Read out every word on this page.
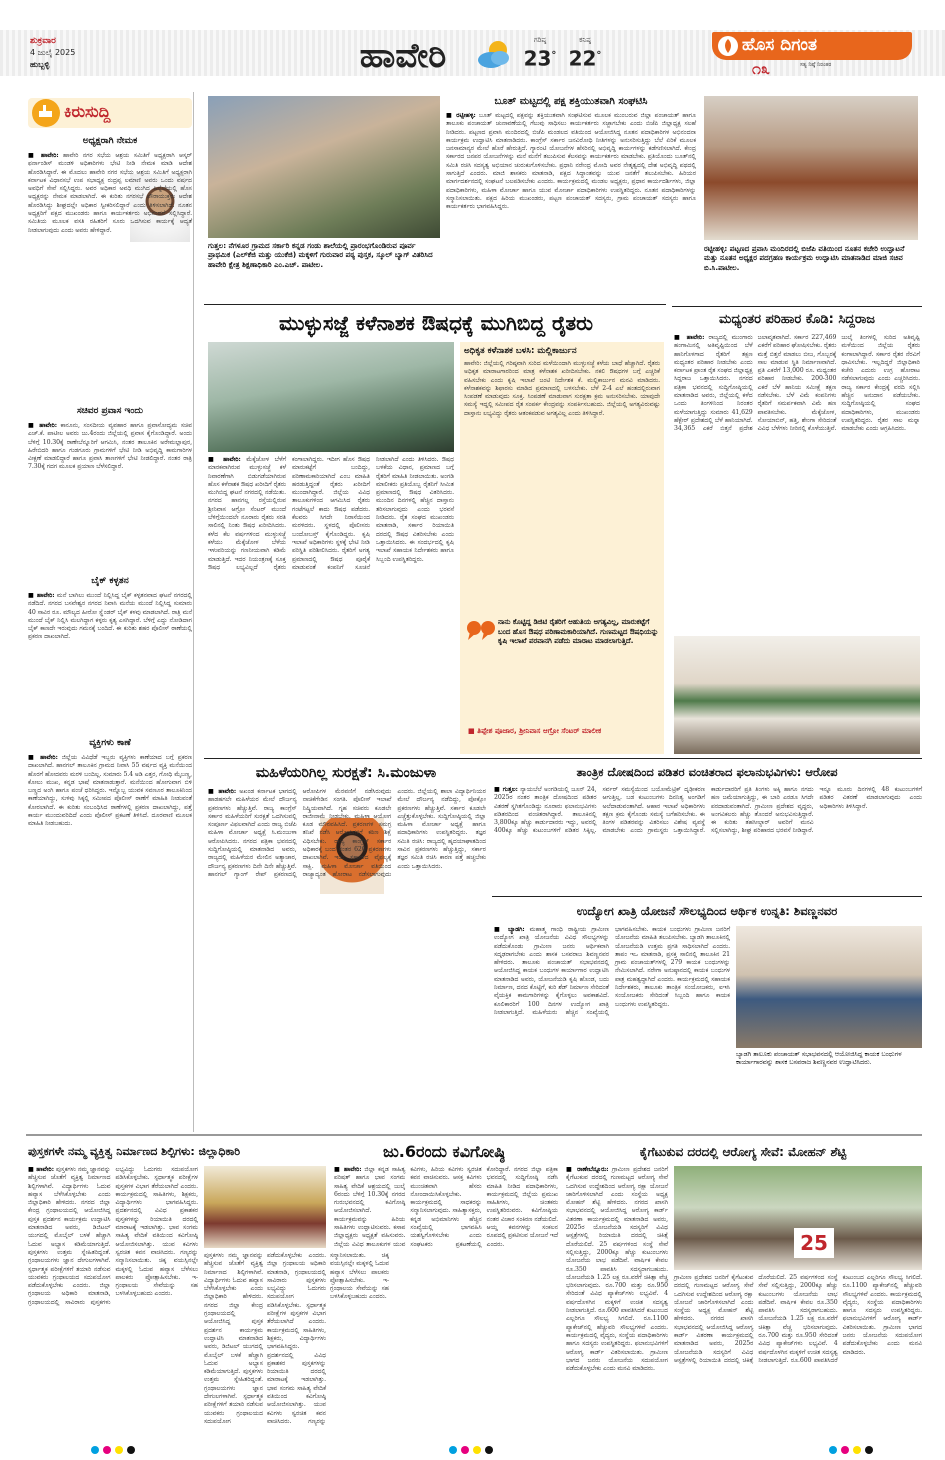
ಶುಕ್ರವಾರ
4 ಜುಲೈ 2025
ಹುಬ್ಬಳ್ಳಿ	ಹಾವೇರಿ	ಗರಿಷ್ಠ
23°
ಕನಿಷ್ಠ
22°
ಹೊಸ ದಿಗಂತ
ಸತ್ಯ ನಿಷ್ಠೆ ನಿರಂತರ
೧೩
ಕಿರುಸುದ್ದಿ
ಅಧ್ಯಕ್ಷರಾಗಿ ನೇಮಕ
■ ಹಾವೇರಿ: ಹಾವೇರಿ ನಗರ ಸಭೆಯ ಆಶ್ರಯ ಸಮಿತಿಗೆ ಅಧ್ಯಕ್ಷರಾಗಿ ಆಸ್ಕರ್ ಫರ್ನಾಂಡಿಸ್ ಮಂಡಳಿ ಅಧಿಕಾರಿಗಳು ಭೇಟಿ ನೀಡಿ ನೇಮಕ ಮಾಡಿ ಆದೇಶ ಹೊರಡಿಸಿದ್ದಾರೆ. ಈ ಮೊದಲು ಹಾವೇರಿ ನಗರ ಸಭೆಯ ಆಶ್ರಯ ಸಮಿತಿಗೆ ಅಧ್ಯಕ್ಷರಾಗಿ ಕರ್ನಾಟಕ ವಿಧಾನಸಭೆ ಉಪ ಸಭಾಧ್ಯಕ್ಷ ರುದ್ರಪ್ಪ ಲಮಾಣಿ ಅವರು ಒಂದು ವರ್ಷದ ಅವಧಿಗೆ ಸೇವೆ ಸಲ್ಲಿಸಿದ್ದರು. ಅವರ ಅಧಿಕಾರ ಅವಧಿ ಮುಗಿದ ಹಿನ್ನೆಲೆಯಲ್ಲಿ ಹೊಸ ಅಧ್ಯಕ್ಷರನ್ನು ನೇಮಕ ಮಾಡಲಾಗಿದೆ. ಈ ಕುರಿತು ನಗರಸಭೆ ಪೌರಾಯುಕ್ತರು ಆದೇಶ ಹೊರಡಿಸಿದ್ದು ಶೀಘ್ರದಲ್ಲೇ ಅಧಿಕಾರ ಸ್ವೀಕರಿಸಲಿದ್ದಾರೆ ಎಂದು ತಿಳಿಸಲಾಗಿದೆ. ನೂತನ ಅಧ್ಯಕ್ಷರಿಗೆ ಪಕ್ಷದ ಮುಖಂಡರು ಹಾಗೂ ಕಾರ್ಯಕರ್ತರು ಅಭಿನಂದನೆ ಸಲ್ಲಿಸಿದ್ದಾರೆ. ಸಮಿತಿಯ ಮೂಲಕ ವಸತಿ ರಹಿತರಿಗೆ ಸೂರು ಒದಗಿಸುವ ಕಾರ್ಯಕ್ಕೆ ಆದ್ಯತೆ ನೀಡಲಾಗುವುದು ಎಂದು ಅವರು ಹೇಳಿದ್ದಾರೆ.
ಸಚಿವರ ಪ್ರವಾಸ ಇಂದು
■ ಹಾವೇರಿ: ಕಾನೂನು, ಸಂಸದೀಯ ವ್ಯವಹಾರ ಹಾಗೂ ಪ್ರವಾಸೋದ್ಯಮ ಸಚಿವ ಎಚ್.ಕೆ. ಪಾಟೀಲ ಅವರು ಜು.4ರಂದು ಜಿಲ್ಲೆಯಲ್ಲಿ ಪ್ರವಾಸ ಕೈಗೊಂಡಿದ್ದಾರೆ. ಅಂದು ಬೆಳಿಗ್ಗೆ 10.30ಕ್ಕೆ ರಾಣೇಬೆನ್ನೂರಿಗೆ ಆಗಮಿಸಿ, ನಂತರ ತಾಲೂಕಿನ ಅರೇಮಲ್ಲಾಪುರ, ಹಿರೇಬಿದರಿ ಹಾಗೂ ಗುಡಗೂರು ಗ್ರಾಮಗಳಿಗೆ ಭೇಟಿ ನೀಡಿ ಅಭಿವೃದ್ಧಿ ಕಾಮಗಾರಿಗಳ ವೀಕ್ಷಣೆ ಮಾಡಲಿದ್ದಾರೆ ಹಾಗೂ ಪ್ರವಾಸಿ ತಾಣಗಳಿಗೆ ಭೇಟಿ ನೀಡಲಿದ್ದಾರೆ. ನಂತರ ರಾತ್ರಿ 7.30ಕ್ಕೆ ಗದಗ ಮೂಲಕ ಪ್ರಯಾಣ ಬೆಳೆಸಲಿದ್ದಾರೆ.
ಬೈಕ್ ಕಳ್ಳತನ
■ ಹಾವೇರಿ: ಮನೆ ಬಾಗಿಲು ಮುಂದೆ ನಿಲ್ಲಿಸಿದ್ದ ಬೈಕ್ ಕಳ್ಳತನವಾದ ಘಟನೆ ನಗರದಲ್ಲಿ ನಡೆದಿದೆ. ನಗರದ ಬಸವೇಶ್ವರ ನಗರದ ನಿವಾಸಿ ಮನೆಯ ಮುಂದೆ ನಿಲ್ಲಿಸಿದ್ದ ಸುಮಾರು 40 ಸಾವಿರ ರೂ. ಮೌಲ್ಯದ ಹೀರೋ ಸ್ಪ್ಲೆಂಡರ್ ಬೈಕ್ ಕಳವು ಮಾಡಲಾಗಿದೆ. ರಾತ್ರಿ ಮನೆ ಮುಂದೆ ಬೈಕ್ ನಿಲ್ಲಿಸಿ ಮಲಗಿದ್ದಾಗ ಕಳ್ಳರು ಕೃತ್ಯ ಎಸಗಿದ್ದಾರೆ. ಬೆಳಿಗ್ಗೆ ಎದ್ದು ನೋಡಿದಾಗ ಬೈಕ್ ಕಾಣದೇ ಇರುವುದು ಗಮನಕ್ಕೆ ಬಂದಿದೆ. ಈ ಕುರಿತು ಶಹರ ಪೊಲೀಸ್ ಠಾಣೆಯಲ್ಲಿ ಪ್ರಕರಣ ದಾಖಲಾಗಿದೆ.
ವ್ಯಕ್ತಿಗಳು ಕಾಣೆ
■ ಹಾವೇರಿ: ಜಿಲ್ಲೆಯ ವಿವಿಧೆಡೆ ಇಬ್ಬರು ವ್ಯಕ್ತಿಗಳು ಕಾಣೆಯಾದ ಬಗ್ಗೆ ಪ್ರಕರಣ ದಾಖಲಾಗಿದೆ. ಹಾನಗಲ್ ತಾಲೂಕಿನ ಗ್ರಾಮದ ನಿವಾಸಿ 55 ವರ್ಷದ ವ್ಯಕ್ತಿ ಮನೆಯಿಂದ ಹೊರಗೆ ಹೋದವರು ಮರಳಿ ಬಂದಿಲ್ಲ. ಸುಮಾರು 5.4 ಅಡಿ ಎತ್ತರ, ಗೋಧಿ ಮೈಬಣ್ಣ, ಕೋಲು ಮುಖ, ಕನ್ನಡ ಭಾಷೆ ಮಾತನಾಡುತ್ತಾರೆ. ಮನೆಯಿಂದ ಹೋಗುವಾಗ ಬಿಳಿ ಬಣ್ಣದ ಅಂಗಿ ಹಾಗೂ ಪಂಚೆ ಧರಿಸಿದ್ದರು. ಇನ್ನೊಬ್ಬ ಯುವಕ ಸವಣೂರ ತಾಲೂಕಿನಿಂದ ಕಾಣೆಯಾಗಿದ್ದು, ಸುಳಿವು ಸಿಕ್ಕಲ್ಲಿ ಸಮೀಪದ ಪೊಲೀಸ್ ಠಾಣೆಗೆ ಮಾಹಿತಿ ನೀಡುವಂತೆ ಕೋರಲಾಗಿದೆ. ಈ ಕುರಿತು ಸಂಬಂಧಿಸಿದ ಠಾಣೆಗಳಲ್ಲಿ ಪ್ರಕರಣ ದಾಖಲಾಗಿದ್ದು, ಪತ್ತೆ ಕಾರ್ಯ ಮುಂದುವರಿದಿದೆ ಎಂದು ಪೊಲೀಸ್ ಪ್ರಕಟಣೆ ತಿಳಿಸಿದೆ. ದೂರವಾಣಿ ಮೂಲಕ ಮಾಹಿತಿ ನೀಡಬಹುದು.
ಗುತ್ತಲ: ನೆಗಳೂರ ಗ್ರಾಮದ ಸರ್ಕಾರಿ ಕನ್ನಡ ಗಂಡು ಶಾಲೆಯಲ್ಲಿ ಪ್ರಾರಂಭಗೊಂಡಿರುವ ಪೂರ್ವ ಪ್ರಾಥಮಿಕ (ಎಲ್‌ಕೆಜಿ ಮತ್ತು ಯುಕೆಜಿ) ಮಕ್ಕಳಿಗೆ ಗುರುವಾರ ಪಠ್ಯ ಪುಸ್ತಕ, ಸ್ಕೂಲ್ ಬ್ಯಾಗ್ ವಿತರಿಸಿದ ಹಾವೇರಿ ಕ್ಷೇತ್ರ ಶಿಕ್ಷಣಾಧಿಕಾರಿ ಎಂ.ಎಚ್. ಪಾಟೀಲ.
ಬೂತ್ ಮಟ್ಟದಲ್ಲಿ ಪಕ್ಷ ಶಕ್ತಿಯುತವಾಗಿ ಸಂಘಟಿಸಿ
■ ರಟ್ಟೀಹಳ್ಳಿ: ಬೂತ್ ಮಟ್ಟದಲ್ಲಿ ಪಕ್ಷವನ್ನು ಶಕ್ತಿಯುತವಾಗಿ ಸಂಘಟಿಸುವ ಮೂಲಕ ಮುಂಬರುವ ಜಿಲ್ಲಾ ಪಂಚಾಯತ್ ಹಾಗೂ ತಾಲೂಕು ಪಂಚಾಯತ್ ಚುನಾವಣೆಯಲ್ಲಿ ಗೆಲುವು ಸಾಧಿಸಲು ಕಾರ್ಯಕರ್ತರು ಸಜ್ಜಾಗಬೇಕು ಎಂದು ಬಿಜೆಪಿ ಜಿಲ್ಲಾಧ್ಯಕ್ಷ ಸಲಹೆ ನೀಡಿದರು. ಪಟ್ಟಣದ ಪ್ರವಾಸಿ ಮಂದಿರದಲ್ಲಿ ಬಿಜೆಪಿ ಮಂಡಲದ ವತಿಯಿಂದ ಆಯೋಜಿಸಿದ್ದ ನೂತನ ಪದಾಧಿಕಾರಿಗಳ ಅಭಿನಂದನಾ ಕಾರ್ಯಕ್ರಮ ಉದ್ಘಾಟಿಸಿ ಮಾತನಾಡಿದರು. ಕಾಂಗ್ರೆಸ್ ಸರ್ಕಾರ ಜನವಿರೋಧಿ ನೀತಿಗಳನ್ನು ಅನುಸರಿಸುತ್ತಿದ್ದು ಬೆಲೆ ಏರಿಕೆ ಮೂಲಕ ಜನಸಾಮಾನ್ಯರ ಮೇಲೆ ಹೊರೆ ಹೇರುತ್ತಿದೆ. ಗ್ಯಾರಂಟಿ ಯೋಜನೆಗಳ ಹೆಸರಿನಲ್ಲಿ ಅಭಿವೃದ್ಧಿ ಕಾರ್ಯಗಳನ್ನು ಕಡೆಗಣಿಸಲಾಗಿದೆ. ಕೇಂದ್ರ ಸರ್ಕಾರದ ಜನಪರ ಯೋಜನೆಗಳನ್ನು ಮನೆ ಮನೆಗೆ ತಲುಪಿಸುವ ಕೆಲಸವನ್ನು ಕಾರ್ಯಕರ್ತರು ಮಾಡಬೇಕು. ಪ್ರತಿಯೊಂದು ಬೂತ್‌ನಲ್ಲಿ ಸಮಿತಿ ರಚಿಸಿ ಸದಸ್ಯತ್ವ ಅಭಿಯಾನ ಚುರುಕುಗೊಳಿಸಬೇಕು. ಪ್ರಧಾನಿ ನರೇಂದ್ರ ಮೋದಿ ಅವರ ನೇತೃತ್ವದಲ್ಲಿ ದೇಶ ಅಭಿವೃದ್ಧಿ ಪಥದಲ್ಲಿ ಸಾಗುತ್ತಿದೆ ಎಂದರು. ಮಾಜಿ ಶಾಸಕರು ಮಾತನಾಡಿ, ಪಕ್ಷದ ಸಿದ್ಧಾಂತವನ್ನು ಯುವ ಜನತೆಗೆ ತಲುಪಿಸಬೇಕು. ಹಿರಿಯರ ಮಾರ್ಗದರ್ಶನದಲ್ಲಿ ಸಂಘಟನೆ ಬಲಪಡಿಸಬೇಕು ಎಂದರು. ಕಾರ್ಯಕ್ರಮದಲ್ಲಿ ಮಂಡಲ ಅಧ್ಯಕ್ಷರು, ಪ್ರಧಾನ ಕಾರ್ಯದರ್ಶಿಗಳು, ಜಿಲ್ಲಾ ಪದಾಧಿಕಾರಿಗಳು, ಮಹಿಳಾ ಮೋರ್ಚಾ ಹಾಗೂ ಯುವ ಮೋರ್ಚಾ ಪದಾಧಿಕಾರಿಗಳು ಉಪಸ್ಥಿತರಿದ್ದರು. ನೂತನ ಪದಾಧಿಕಾರಿಗಳನ್ನು ಸನ್ಮಾನಿಸಲಾಯಿತು. ಪಕ್ಷದ ಹಿರಿಯ ಮುಖಂಡರು, ಪಟ್ಟಣ ಪಂಚಾಯತ್ ಸದಸ್ಯರು, ಗ್ರಾಮ ಪಂಚಾಯತ್ ಸದಸ್ಯರು ಹಾಗೂ ಕಾರ್ಯಕರ್ತರು ಭಾಗವಹಿಸಿದ್ದರು.
ರಟ್ಟೀಹಳ್ಳಿ: ಪಟ್ಟಣದ ಪ್ರವಾಸಿ ಮಂದಿರದಲ್ಲಿ ಬಿಜೆಪಿ ವತಿಯಿಂದ ನೂತನ ಕಚೇರಿ ಉದ್ಘಾಟನೆ ಮತ್ತು ನೂತನ ಅಧ್ಯಕ್ಷರ ಪದಗ್ರಹಣ ಕಾರ್ಯಕ್ರಮ ಉದ್ಘಾಟಿಸಿ ಮಾತನಾಡಿದ ಮಾಜಿ ಸಚಿವ ಬಿ.ಸಿ.ಪಾಟೀಲ.
ಮುಳ್ಳುಸಜ್ಜೆ ಕಳೆನಾಶಕ ಔಷಧಕ್ಕೆ ಮುಗಿಬಿದ್ದ ರೈತರು
■ ಹಾವೇರಿ: ಮೆಕ್ಕೆಜೋಳ ಬೆಳೆಗೆ ಮಾರಕವಾಗಿರುವ ಮುಳ್ಳುಸಜ್ಜೆ ಕಳೆ ನಿವಾರಣೆಗಾಗಿ ಬಿಡುಗಡೆಯಾಗಿರುವ ಹೊಸ ಕಳೆನಾಶಕ ಔಷಧ ಖರೀದಿಗೆ ರೈತರು ಮುಗಿಬಿದ್ದ ಘಟನೆ ನಗರದಲ್ಲಿ ನಡೆಯಿತು. ನಗರದ ಹಾನಗಲ್ಲ ರಸ್ತೆಯಲ್ಲಿರುವ ಶ್ರೀನಿವಾಸ ಆಗ್ರೋ ಸೆಂಟರ್ ಮುಂದೆ ಬೆಳಿಗ್ಗೆಯಿಂದಲೇ ನೂರಾರು ರೈತರು ಸರತಿ ಸಾಲಿನಲ್ಲಿ ನಿಂತು ಔಷಧ ಖರೀದಿಸಿದರು. ಕಳೆದ ಕೆಲ ವರ್ಷಗಳಿಂದ ಮುಳ್ಳುಸಜ್ಜೆ ಕಳೆಯು ಮೆಕ್ಕೆಜೋಳ ಬೆಳೆಯ ಇಳುವರಿಯನ್ನು ಗಣನೀಯವಾಗಿ ಕಡಿಮೆ ಮಾಡುತ್ತಿದೆ. ಇದರ ನಿಯಂತ್ರಣಕ್ಕೆ ಸೂಕ್ತ ಔಷಧ ಲಭ್ಯವಿಲ್ಲದೆ ರೈತರು ಕಂಗಾಲಾಗಿದ್ದರು. ಇದೀಗ ಹೊಸ ಔಷಧ ಮಾರುಕಟ್ಟೆಗೆ ಬಂದಿದ್ದು, ಪರಿಣಾಮಕಾರಿಯಾಗಿದೆ ಎಂಬ ಮಾಹಿತಿ ಹರಡುತ್ತಿದ್ದಂತೆ ರೈತರು ಖರೀದಿಗೆ ಮುಂದಾಗಿದ್ದಾರೆ. ಜಿಲ್ಲೆಯ ವಿವಿಧ ತಾಲೂಕುಗಳಿಂದ ಆಗಮಿಸಿದ ರೈತರು ಗಂಟೆಗಟ್ಟಲೆ ಕಾದು ಔಷಧ ಪಡೆದರು. ಕೆಲವರು ಸಿಗದೇ ನಿರಾಸೆಯಿಂದ ಮರಳಿದರು. ಸ್ಥಳದಲ್ಲಿ ಪೊಲೀಸರು ಬಂದೋಬಸ್ತ್ ಕೈಗೊಂಡಿದ್ದರು. ಕೃಷಿ ಇಲಾಖೆ ಅಧಿಕಾರಿಗಳು ಸ್ಥಳಕ್ಕೆ ಭೇಟಿ ನೀಡಿ ಪರಿಸ್ಥಿತಿ ಪರಿಶೀಲಿಸಿದರು. ರೈತರಿಗೆ ಅಗತ್ಯ ಪ್ರಮಾಣದಲ್ಲಿ ಔಷಧ ಪೂರೈಕೆ ಮಾಡುವಂತೆ ಕಂಪನಿಗೆ ಸೂಚನೆ ನೀಡಲಾಗಿದೆ ಎಂದು ತಿಳಿಸಿದರು. ಔಷಧ ಬಳಕೆಯ ವಿಧಾನ, ಪ್ರಮಾಣದ ಬಗ್ಗೆ ರೈತರಿಗೆ ಮಾಹಿತಿ ನೀಡಲಾಯಿತು. ಅಂಗಡಿ ಮಾಲೀಕರು ಪ್ರತಿಯೊಬ್ಬ ರೈತನಿಗೆ ಸೀಮಿತ ಪ್ರಮಾಣದಲ್ಲಿ ಔಷಧ ವಿತರಿಸಿದರು. ಮುಂದಿನ ದಿನಗಳಲ್ಲಿ ಹೆಚ್ಚಿನ ದಾಸ್ತಾನು ತರಿಸಲಾಗುವುದು ಎಂದು ಭರವಸೆ ನೀಡಿದರು. ರೈತ ಸಂಘದ ಮುಖಂಡರು ಮಾತನಾಡಿ, ಸರ್ಕಾರ ರಿಯಾಯಿತಿ ದರದಲ್ಲಿ ಔಷಧ ವಿತರಿಸಬೇಕು ಎಂದು ಒತ್ತಾಯಿಸಿದರು. ಈ ಸಂದರ್ಭದಲ್ಲಿ ಕೃಷಿ ಇಲಾಖೆ ಸಹಾಯಕ ನಿರ್ದೇಶಕರು ಹಾಗೂ ಸಿಬ್ಬಂದಿ ಉಪಸ್ಥಿತರಿದ್ದರು.
ಅಧಿಕೃತ ಕಳೆನಾಶಕ ಬಳಸಿ: ಮಲ್ಲಿಕಾರ್ಜುನ
ಹಾವೇರಿ: ಜಿಲ್ಲೆಯಲ್ಲಿ ಗರಿಷ್ಠವಾಗಿ ಸುರಿದ ಮಳೆಯಿಂದಾಗಿ ಮುಳ್ಳುಸಜ್ಜೆ ಕಳೆಯ ಬಾಧೆ ಹೆಚ್ಚಾಗಿದೆ. ರೈತರು ಅಧಿಕೃತ ಮಾರಾಟಗಾರರಿಂದ ಮಾತ್ರ ಕಳೆನಾಶಕ ಖರೀದಿಸಬೇಕು. ನಕಲಿ ಔಷಧಗಳ ಬಗ್ಗೆ ಎಚ್ಚರಿಕೆ ವಹಿಸಬೇಕು ಎಂದು ಕೃಷಿ ಇಲಾಖೆ ಜಂಟಿ ನಿರ್ದೇಶಕ ಕೆ. ಮಲ್ಲಿಕಾರ್ಜುನ ಮನವಿ ಮಾಡಿದರು. ಕಳೆನಾಶಕವನ್ನು ಶಿಫಾರಸು ಮಾಡಿದ ಪ್ರಮಾಣದಲ್ಲಿ ಬಳಸಬೇಕು. ಬೆಳೆ 2-4 ಎಲೆ ಹಂತದಲ್ಲಿರುವಾಗ ಸಿಂಪಡಣೆ ಮಾಡುವುದು ಸೂಕ್ತ. ಸಿಂಪಡಣೆ ಮಾಡುವಾಗ ಸುರಕ್ಷತಾ ಕ್ರಮ ಅನುಸರಿಸಬೇಕು. ಯಾವುದೇ ಸಮಸ್ಯೆ ಇದ್ದಲ್ಲಿ ಸಮೀಪದ ರೈತ ಸಂಪರ್ಕ ಕೇಂದ್ರವನ್ನು ಸಂಪರ್ಕಿಸಬಹುದು. ಜಿಲ್ಲೆಯಲ್ಲಿ ಅಗತ್ಯವಿರುವಷ್ಟು ದಾಸ್ತಾನು ಲಭ್ಯವಿದ್ದು ರೈತರು ಆತಂಕಪಡುವ ಅಗತ್ಯವಿಲ್ಲ ಎಂದು ತಿಳಿಸಿದ್ದಾರೆ.
ನಾನು ಕೊಟ್ಟಿದ್ದ ಡಿಜಿಟಿ ರೈತರಿಗೆ ಆಹುತಿಯ ಅಗತ್ಯವಿಲ್ಲ, ಮಾರುಕಟ್ಟೆಗೆ ಬಂದ ಹೊಸ ಔಷಧ ಪರಿಣಾಮಕಾರಿಯಾಗಿದೆ. ಗುಣಮಟ್ಟದ ಔಷಧಿಯನ್ನು ಕೃಷಿ ಇಲಾಖೆ ಪರವಾನಗಿ ಪಡೆದು ಮಾರಾಟ ಮಾಡಲಾಗುತ್ತಿದೆ.
■ ತಿಪ್ಪೇಶ ಪೂಜಾರ, ಶ್ರೀನಿವಾಸ ಆಗ್ರೋ ಸೆಂಟರ್ ಮಾಲೀಕ
ಮಧ್ಯಂತರ ಪರಿಹಾರ ಕೊಡಿ: ಸಿದ್ದರಾಜ
■ ಹಾವೇರಿ: ರಾಜ್ಯದಲ್ಲಿ ಮುಂಗಾರು ಹಂಗಾಮಿನಲ್ಲಿ ಅತಿವೃಷ್ಟಿಯಿಂದ ಬೆಳೆ ಹಾನಿಗೊಳಗಾದ ರೈತರಿಗೆ ತಕ್ಷಣ ಮಧ್ಯಂತರ ಪರಿಹಾರ ನೀಡಬೇಕು ಎಂದು ಕರ್ನಾಟಕ ಪ್ರಾಂತ ರೈತ ಸಂಘದ ಜಿಲ್ಲಾಧ್ಯಕ್ಷ ಸಿದ್ದರಾಜ ಒತ್ತಾಯಿಸಿದರು. ನಗರದ ಪತ್ರಿಕಾ ಭವನದಲ್ಲಿ ಸುದ್ದಿಗೋಷ್ಠಿಯಲ್ಲಿ ಮಾತನಾಡಿದ ಅವರು, ಜಿಲ್ಲೆಯಲ್ಲಿ ಕಳೆದ ಒಂದು ತಿಂಗಳಿನಿಂದ ನಿರಂತರ ಮಳೆಯಾಗುತ್ತಿದ್ದು ಸುಮಾರು 41,629 ಹೆಕ್ಟೇರ್ ಪ್ರದೇಶದಲ್ಲಿ ಬೆಳೆ ಹಾನಿಯಾಗಿದೆ. 34,365 ಎಕರೆ ಬಿತ್ತನೆ ಪ್ರದೇಶ ಜಲಾವೃತವಾಗಿದೆ. ಸರ್ಕಾರ 227,469 ಎಕರೆಗೆ ಪರಿಹಾರ ಘೋಷಿಸಬೇಕು. ರೈತರು ಮತ್ತೆ ಬಿತ್ತನೆ ಮಾಡಲು ಬೀಜ, ಗೊಬ್ಬರಕ್ಕೆ ಸಾಲ ಮಾಡುವ ಸ್ಥಿತಿ ನಿರ್ಮಾಣವಾಗಿದೆ. ಪ್ರತಿ ಎಕರೆಗೆ 13,000 ರೂ. ಮಧ್ಯಂತರ ಪರಿಹಾರ ನೀಡಬೇಕು. 200-300 ಎಕರೆ ಬೆಳೆ ಹಾನಿಯ ಸಮೀಕ್ಷೆ ತಕ್ಷಣ ನಡೆಸಬೇಕು. ಬೆಳೆ ವಿಮೆ ಕಂಪನಿಗಳು ರೈತರಿಗೆ ಸಮರ್ಪಕವಾಗಿ ವಿಮೆ ಹಣ ಪಾವತಿಸಬೇಕು. ಮೆಕ್ಕೆಜೋಳ, ಸೋಯಾಬಿನ್, ಹತ್ತಿ, ಶೇಂಗಾ ಸೇರಿದಂತೆ ವಿವಿಧ ಬೆಳೆಗಳು ನೀರಿನಲ್ಲಿ ಕೊಳೆಯುತ್ತಿವೆ. ಜುಲೈ ತಿಂಗಳಲ್ಲಿ ಸುರಿದ ಅತಿವೃಷ್ಟಿ ಮಳೆಯಿಂದ ಜಿಲ್ಲೆಯ ರೈತರು ಕಂಗಾಲಾಗಿದ್ದಾರೆ. ಸರ್ಕಾರ ರೈತರ ನೆರವಿಗೆ ಧಾವಿಸಬೇಕು. ಇಲ್ಲದಿದ್ದರೆ ಜಿಲ್ಲಾಧಿಕಾರಿ ಕಚೇರಿ ಎದುರು ಉಗ್ರ ಹೋರಾಟ ನಡೆಸಲಾಗುವುದು ಎಂದು ಎಚ್ಚರಿಸಿದರು. ರಾಜ್ಯ ಸರ್ಕಾರ ಕೇಂದ್ರಕ್ಕೆ ವರದಿ ಸಲ್ಲಿಸಿ ಹೆಚ್ಚಿನ ಅನುದಾನ ಪಡೆಯಬೇಕು. ಸುದ್ದಿಗೋಷ್ಠಿಯಲ್ಲಿ ಸಂಘದ ಪದಾಧಿಕಾರಿಗಳು, ಮುಖಂಡರು ಉಪಸ್ಥಿತರಿದ್ದರು. ರೈತರ ಸಾಲ ಮನ್ನಾ ಮಾಡಬೇಕು ಎಂದು ಆಗ್ರಹಿಸಿದರು.
ಮಹಿಳೆಯರಿಗಿಲ್ಲ ಸುರಕ್ಷತೆ: ಸಿ.ಮಂಜುಳಾ
■ ಹಾವೇರಿ: ಅಖಂಡ ಕರ್ನಾಟಕ ಭಾಗದಲ್ಲಿ ಹಾಡಹಗಲೇ ಮಹಿಳೆಯರ ಮೇಲೆ ದೌರ್ಜನ್ಯ ಪ್ರಕರಣಗಳು ಹೆಚ್ಚುತ್ತಿವೆ. ರಾಜ್ಯ ಕಾಂಗ್ರೆಸ್ ಸರ್ಕಾರ ಮಹಿಳೆಯರಿಗೆ ಸುರಕ್ಷತೆ ಒದಗಿಸುವಲ್ಲಿ ಸಂಪೂರ್ಣ ವಿಫಲವಾಗಿದೆ ಎಂದು ರಾಜ್ಯ ಬಿಜೆಪಿ ಮಹಿಳಾ ಮೋರ್ಚಾ ಅಧ್ಯಕ್ಷೆ ಸಿ.ಮಂಜುಳಾ ಆರೋಪಿಸಿದರು. ನಗರದ ಪತ್ರಿಕಾ ಭವನದಲ್ಲಿ ಸುದ್ದಿಗೋಷ್ಠಿಯಲ್ಲಿ ಮಾತನಾಡಿದ ಅವರು, ರಾಜ್ಯದಲ್ಲಿ ಮಹಿಳೆಯರ ಮೇಲಿನ ಅತ್ಯಾಚಾರ, ದೌರ್ಜನ್ಯ ಪ್ರಕರಣಗಳು ದಿನೇ ದಿನೇ ಹೆಚ್ಚುತ್ತಿವೆ. ಹಾನಗಲ್ ಗ್ಯಾಂಗ್ ರೇಪ್ ಪ್ರಕರಣದಲ್ಲಿ ಆರೋಪಿಗಳ ಮೆರವಣಿಗೆ ನಡೆಸಿರುವುದು ನಾಚಿಕೆಗೇಡಿನ ಸಂಗತಿ. ಪೊಲೀಸ್ ಇಲಾಖೆ ನಿಷ್ಕ್ರಿಯವಾಗಿದೆ. ಗೃಹ ಸಚಿವರು ಕೂಡಲೇ ರಾಜೀನಾಮೆ ನೀಡಬೇಕು. ಮಹಿಳಾ ಆಯೋಗ ಕೂಡ ಮೌನವಹಿಸಿದೆ. ಪ್ರಕರಣಗಳ ಸಮಗ್ರ ತನಿಖೆ ನಡೆಸಿ ಆರೋಪಿಗಳಿಗೆ ಕಠಿಣ ಶಿಕ್ಷೆ ವಿಧಿಸಬೇಕು. ರಾಜ್ಯ ಕಾಂಗ್ರೆಸ್ ಸರ್ಕಾರ ಅಧಿಕಾರಕ್ಕೆ ಬಂದ ನಂತರ 620 ಪ್ರಕರಣಗಳು ದಾಖಲಾಗಿವೆ. ಇದು ಸರ್ಕಾರದ ವೈಫಲ್ಯಕ್ಕೆ ಸಾಕ್ಷಿ. ಮಹಿಳಾ ಮೋರ್ಚಾ ವತಿಯಿಂದ ರಾಜ್ಯಾದ್ಯಂತ ಹೋರಾಟ ನಡೆಸಲಾಗುವುದು ಎಂದರು. ಜಿಲ್ಲೆಯಲ್ಲಿ ಶಾಲಾ ವಿದ್ಯಾರ್ಥಿನಿಯರ ಮೇಲೆ ದೌರ್ಜನ್ಯ ನಡೆದಿದ್ದು, ಪೋಕ್ಸೋ ಪ್ರಕರಣಗಳು ಹೆಚ್ಚುತ್ತಿವೆ. ಸರ್ಕಾರ ಕೂಡಲೇ ಎಚ್ಚೆತ್ತುಕೊಳ್ಳಬೇಕು. ಸುದ್ದಿಗೋಷ್ಠಿಯಲ್ಲಿ ಜಿಲ್ಲಾ ಮಹಿಳಾ ಮೋರ್ಚಾ ಅಧ್ಯಕ್ಷೆ ಹಾಗೂ ಪದಾಧಿಕಾರಿಗಳು ಉಪಸ್ಥಿತರಿದ್ದರು. ತಜ್ಞರ ಸಮಿತಿ ರಚಿಸಿ: ರಾಜ್ಯದಲ್ಲಿ ಹೃದಯಾಘಾತದಿಂದ ಸಾವಿನ ಪ್ರಕರಣಗಳು ಹೆಚ್ಚುತ್ತಿದ್ದು, ಸರ್ಕಾರ ತಜ್ಞರ ಸಮಿತಿ ರಚಿಸಿ ಕಾರಣ ಪತ್ತೆ ಹಚ್ಚಬೇಕು ಎಂದು ಒತ್ತಾಯಿಸಿದರು.
ತಾಂತ್ರಿಕ ದೋಷದಿಂದ ಪಡಿತರ ವಂಚಿತರಾದ ಫಲಾನುಭವಿಗಳು: ಆರೋಪ
■ ಗುತ್ತಲ: ನ್ಯಾಯಬೆಲೆ ಅಂಗಡಿಯಲ್ಲಿ ಜೂನ್ 24, 2025ರ ನಂತರ ತಾಂತ್ರಿಕ ದೋಷದಿಂದ ಪಡಿತರ ವಿತರಣೆ ಸ್ಥಗಿತಗೊಂಡಿದ್ದು ನೂರಾರು ಫಲಾನುಭವಿಗಳು ಪಡಿತರದಿಂದ ವಂಚಿತರಾಗಿದ್ದಾರೆ. ತಾಲೂಕಿನಲ್ಲಿ 3,800ಕ್ಕೂ ಹೆಚ್ಚು ಕಾರ್ಡುದಾರರು ಇದ್ದು, ಅವರಲ್ಲಿ 400ಕ್ಕೂ ಹೆಚ್ಚು ಕುಟುಂಬಗಳಿಗೆ ಪಡಿತರ ಸಿಕ್ಕಿಲ್ಲ. ಸರ್ವರ್ ಸಮಸ್ಯೆಯಿಂದ ಬಯೋಮೆಟ್ರಿಕ್ ದೃಢೀಕರಣ ಆಗುತ್ತಿಲ್ಲ. ಬಡ ಕುಟುಂಬಗಳು ದಿನನಿತ್ಯ ಅಂಗಡಿಗೆ ಅಲೆದಾಡುವಂತಾಗಿದೆ. ಆಹಾರ ಇಲಾಖೆ ಅಧಿಕಾರಿಗಳು ತಕ್ಷಣ ಕ್ರಮ ಕೈಗೊಂಡು ಸಮಸ್ಯೆ ಬಗೆಹರಿಸಬೇಕು. ಈ ತಿಂಗಳ ಪಡಿತರವನ್ನು ವಿತರಿಸಲು ವಿಶೇಷ ವ್ಯವಸ್ಥೆ ಮಾಡಬೇಕು ಎಂದು ಗ್ರಾಮಸ್ಥರು ಒತ್ತಾಯಿಸಿದ್ದಾರೆ. ಕಾರ್ಡುದಾರರಿಗೆ ಪ್ರತಿ ತಿಂಗಳು ಅಕ್ಕಿ ಹಾಗೂ ನಗದು ಹಣ ಜಮೆಯಾಗುತ್ತಿದ್ದು, ಈ ಬಾರಿ ಎರಡೂ ಸಿಗದೇ ಪರದಾಡುವಂತಾಗಿದೆ. ಗ್ರಾಮೀಣ ಪ್ರದೇಶದ ವೃದ್ಧರು, ಅಂಗವಿಕಲರು ಹೆಚ್ಚು ತೊಂದರೆ ಅನುಭವಿಸುತ್ತಿದ್ದಾರೆ. ಈ ಕುರಿತು ತಹಸೀಲ್ದಾರ್ ಅವರಿಗೆ ಮನವಿ ಸಲ್ಲಿಸಲಾಗಿದ್ದು, ಶೀಘ್ರ ಪರಿಹಾರದ ಭರವಸೆ ನೀಡಿದ್ದಾರೆ. ಇನ್ನೂ ಮೂರು ದಿನಗಳಲ್ಲಿ 48 ಕುಟುಂಬಗಳಿಗೆ ಪಡಿತರ ವಿತರಣೆ ಮಾಡಲಾಗುವುದು ಎಂದು ಅಧಿಕಾರಿಗಳು ತಿಳಿಸಿದ್ದಾರೆ.
ಉದ್ಯೋಗ ಖಾತ್ರಿ ಯೋಜನೆ ಸೌಲಭ್ಯದಿಂದ ಆರ್ಥಿಕ ಉನ್ನತಿ: ಶಿವಣ್ಣನವರ
■ ಬ್ಯಾಡಗಿ: ಮಹಾತ್ಮ ಗಾಂಧಿ ರಾಷ್ಟ್ರೀಯ ಗ್ರಾಮೀಣ ಉದ್ಯೋಗ ಖಾತ್ರಿ ಯೋಜನೆಯ ವಿವಿಧ ಸೌಲಭ್ಯಗಳನ್ನು ಪಡೆದುಕೊಂಡು ಗ್ರಾಮೀಣ ಜನರು ಆರ್ಥಿಕವಾಗಿ ಸದೃಢರಾಗಬೇಕು ಎಂದು ಶಾಸಕ ಬಸವರಾಜ ಶಿವಣ್ಣನವರ ಹೇಳಿದರು. ತಾಲೂಕು ಪಂಚಾಯತ್ ಸಭಾಭವನದಲ್ಲಿ ಆಯೋಜಿಸಿದ್ದ ಕಾಯಕ ಬಂಧುಗಳ ಕಾರ್ಯಾಗಾರ ಉದ್ಘಾಟಿಸಿ ಮಾತನಾಡಿದ ಅವರು, ಯೋಜನೆಯಡಿ ಕೃಷಿ ಹೊಂಡ, ಬದು ನಿರ್ಮಾಣ, ದನದ ಕೊಟ್ಟಿಗೆ, ಕುರಿ ಶೆಡ್ ನಿರ್ಮಾಣ ಸೇರಿದಂತೆ ವೈಯಕ್ತಿಕ ಕಾಮಗಾರಿಗಳನ್ನು ಕೈಗೊಳ್ಳಲು ಅವಕಾಶವಿದೆ. ಕೂಲಿಕಾರರಿಗೆ 100 ದಿನಗಳ ಉದ್ಯೋಗ ಖಾತ್ರಿ ನೀಡಲಾಗುತ್ತಿದೆ. ಮಹಿಳೆಯರು ಹೆಚ್ಚಿನ ಸಂಖ್ಯೆಯಲ್ಲಿ ಭಾಗವಹಿಸಬೇಕು. ಕಾಯಕ ಬಂಧುಗಳು ಗ್ರಾಮೀಣ ಜನರಿಗೆ ಯೋಜನೆಯ ಮಾಹಿತಿ ತಲುಪಿಸಬೇಕು. ಬ್ಯಾಡಗಿ ತಾಲೂಕಿನಲ್ಲಿ ಯೋಜನೆಯಡಿ ಉತ್ತಮ ಪ್ರಗತಿ ಸಾಧಿಸಲಾಗಿದೆ ಎಂದರು. ತಾಪಂ ಇಒ ಮಾತನಾಡಿ, ಪ್ರಸಕ್ತ ಸಾಲಿನಲ್ಲಿ ತಾಲೂಕಿನ 21 ಗ್ರಾಮ ಪಂಚಾಯತ್‌ಗಳಲ್ಲಿ 279 ಕಾಯಕ ಬಂಧುಗಳನ್ನು ನೇಮಿಸಲಾಗಿದೆ. ನರೇಗಾ ಅನುಷ್ಠಾನದಲ್ಲಿ ಕಾಯಕ ಬಂಧುಗಳ ಪಾತ್ರ ಮಹತ್ವದ್ದಾಗಿದೆ ಎಂದರು. ಕಾರ್ಯಕ್ರಮದಲ್ಲಿ ಸಹಾಯಕ ನಿರ್ದೇಶಕರು, ತಾಲೂಕು ತಾಂತ್ರಿಕ ಸಂಯೋಜಕರು, ಐಇಸಿ ಸಂಯೋಜಕರು ಸೇರಿದಂತೆ ಸಿಬ್ಬಂದಿ ಹಾಗೂ ಕಾಯಕ ಬಂಧುಗಳು ಉಪಸ್ಥಿತರಿದ್ದರು.
ಬ್ಯಾಡಗಿ ತಾಲೂಕು ಪಂಚಾಯತ್ ಸಭಾಭವನದಲ್ಲಿ ಆಯೋಜಿಸಿದ್ದ ಕಾಯಕ ಬಂಧುಗಳ ಕಾರ್ಯಾಗಾರವನ್ನು ಶಾಸಕ ಬಸವರಾಜ ಶಿವಣ್ಣನವರ ಉದ್ಘಾಟಿಸಿದರು.
ಪುಸ್ತಕಗಳೇ ನಮ್ಮ ವ್ಯಕ್ತಿತ್ವ ನಿರ್ಮಾಣದ ಶಿಲ್ಪಿಗಳು: ಜಿಲ್ಲಾಧಿಕಾರಿ
■ ಹಾವೇರಿ: ಪುಸ್ತಕಗಳು ನಮ್ಮ ಜ್ಞಾನವನ್ನು ಹೆಚ್ಚಿಸುವ ಜೊತೆಗೆ ವ್ಯಕ್ತಿತ್ವ ನಿರ್ಮಾಣದ ಶಿಲ್ಪಿಗಳಾಗಿವೆ. ವಿದ್ಯಾರ್ಥಿಗಳು ಓದುವ ಹವ್ಯಾಸ ಬೆಳೆಸಿಕೊಳ್ಳಬೇಕು ಎಂದು ಜಿಲ್ಲಾಧಿಕಾರಿ ಹೇಳಿದರು. ನಗರದ ಜಿಲ್ಲಾ ಕೇಂದ್ರ ಗ್ರಂಥಾಲಯದಲ್ಲಿ ಆಯೋಜಿಸಿದ್ದ ಪುಸ್ತಕ ಪ್ರದರ್ಶನ ಕಾರ್ಯಕ್ರಮ ಉದ್ಘಾಟಿಸಿ ಮಾತನಾಡಿದ ಅವರು, ಡಿಜಿಟಲ್ ಯುಗದಲ್ಲಿ ಮೊಬೈಲ್ ಬಳಕೆ ಹೆಚ್ಚಾಗಿ ಓದುವ ಅಭ್ಯಾಸ ಕಡಿಮೆಯಾಗುತ್ತಿದೆ. ಪುಸ್ತಕಗಳು ಉತ್ತಮ ಸ್ನೇಹಿತರಿದ್ದಂತೆ. ಗ್ರಂಥಾಲಯಗಳು ಜ್ಞಾನ ದೇಗುಲಗಳಾಗಿವೆ. ಸ್ಪರ್ಧಾತ್ಮಕ ಪರೀಕ್ಷೆಗಳಿಗೆ ತಯಾರಿ ನಡೆಸುವ ಯುವಕರು ಗ್ರಂಥಾಲಯದ ಸದುಪಯೋಗ ಪಡೆದುಕೊಳ್ಳಬೇಕು ಎಂದರು. ಜಿಲ್ಲಾ ಗ್ರಂಥಾಲಯ ಅಧಿಕಾರಿ ಮಾತನಾಡಿ, ಗ್ರಂಥಾಲಯದಲ್ಲಿ ಸಾವಿರಾರು ಪುಸ್ತಕಗಳು ಲಭ್ಯವಿದ್ದು ಓದುಗರು ಸದುಪಯೋಗ ಪಡಿಸಿಕೊಳ್ಳಬೇಕು. ಸ್ಪರ್ಧಾತ್ಮಕ ಪರೀಕ್ಷೆಗಳ ಪುಸ್ತಕಗಳ ವಿಭಾಗ ತೆರೆಯಲಾಗಿದೆ ಎಂದರು. ಕಾರ್ಯಕ್ರಮದಲ್ಲಿ ಸಾಹಿತಿಗಳು, ಶಿಕ್ಷಕರು, ವಿದ್ಯಾರ್ಥಿಗಳು ಭಾಗವಹಿಸಿದ್ದರು. ಪ್ರದರ್ಶನದಲ್ಲಿ ವಿವಿಧ ಪ್ರಕಾಶಕರ ಪುಸ್ತಕಗಳನ್ನು ರಿಯಾಯಿತಿ ದರದಲ್ಲಿ ಮಾರಾಟಕ್ಕೆ ಇಡಲಾಗಿತ್ತು. ಭಾವ ಸಂಗಮ ಸಾಹಿತ್ಯ ವೇದಿಕೆ ವತಿಯಿಂದ ಕವಿಗೋಷ್ಠಿ ಆಯೋಜಿಸಲಾಗಿತ್ತು. ಯುವ ಕವಿಗಳು ಸ್ವರಚಿತ ಕವನ ವಾಚಿಸಿದರು. ಗಣ್ಯರನ್ನು ಸನ್ಮಾನಿಸಲಾಯಿತು. ಚಿಕ್ಕ ವಯಸ್ಸಿನಲ್ಲೇ ಮಕ್ಕಳಲ್ಲಿ ಓದುವ ಹವ್ಯಾಸ ಬೆಳೆಸಲು ಪಾಲಕರು ಪ್ರೋತ್ಸಾಹಿಸಬೇಕು. ಇ-ಗ್ರಂಥಾಲಯ ಸೇವೆಯನ್ನು ಸಹ ಬಳಸಿಕೊಳ್ಳಬಹುದು ಎಂದರು.
ಪುಸ್ತಕಗಳು ನಮ್ಮ ಜ್ಞಾನವನ್ನು ಹೆಚ್ಚಿಸುವ ಜೊತೆಗೆ ವ್ಯಕ್ತಿತ್ವ ನಿರ್ಮಾಣದ ಶಿಲ್ಪಿಗಳಾಗಿವೆ. ವಿದ್ಯಾರ್ಥಿಗಳು ಓದುವ ಹವ್ಯಾಸ ಬೆಳೆಸಿಕೊಳ್ಳಬೇಕು ಎಂದು ಜಿಲ್ಲಾಧಿಕಾರಿ ಹೇಳಿದರು. ನಗರದ ಜಿಲ್ಲಾ ಕೇಂದ್ರ ಗ್ರಂಥಾಲಯದಲ್ಲಿ ಆಯೋಜಿಸಿದ್ದ ಪುಸ್ತಕ ಪ್ರದರ್ಶನ ಕಾರ್ಯಕ್ರಮ ಉದ್ಘಾಟಿಸಿ ಮಾತನಾಡಿದ ಅವರು, ಡಿಜಿಟಲ್ ಯುಗದಲ್ಲಿ ಮೊಬೈಲ್ ಬಳಕೆ ಹೆಚ್ಚಾಗಿ ಓದುವ ಅಭ್ಯಾಸ ಕಡಿಮೆಯಾಗುತ್ತಿದೆ. ಪುಸ್ತಕಗಳು ಉತ್ತಮ ಸ್ನೇಹಿತರಿದ್ದಂತೆ. ಗ್ರಂಥಾಲಯಗಳು ಜ್ಞಾನ ದೇಗುಲಗಳಾಗಿವೆ. ಸ್ಪರ್ಧಾತ್ಮಕ ಪರೀಕ್ಷೆಗಳಿಗೆ ತಯಾರಿ ನಡೆಸುವ ಯುವಕರು ಗ್ರಂಥಾಲಯದ ಸದುಪಯೋಗ ಪಡೆದುಕೊಳ್ಳಬೇಕು ಎಂದರು. ಜಿಲ್ಲಾ ಗ್ರಂಥಾಲಯ ಅಧಿಕಾರಿ ಮಾತನಾಡಿ, ಗ್ರಂಥಾಲಯದಲ್ಲಿ ಸಾವಿರಾರು ಪುಸ್ತಕಗಳು ಲಭ್ಯವಿದ್ದು ಓದುಗರು ಸದುಪಯೋಗ ಪಡಿಸಿಕೊಳ್ಳಬೇಕು. ಸ್ಪರ್ಧಾತ್ಮಕ ಪರೀಕ್ಷೆಗಳ ಪುಸ್ತಕಗಳ ವಿಭಾಗ ತೆರೆಯಲಾಗಿದೆ ಎಂದರು. ಕಾರ್ಯಕ್ರಮದಲ್ಲಿ ಸಾಹಿತಿಗಳು, ಶಿಕ್ಷಕರು, ವಿದ್ಯಾರ್ಥಿಗಳು ಭಾಗವಹಿಸಿದ್ದರು. ಪ್ರದರ್ಶನದಲ್ಲಿ ವಿವಿಧ ಪ್ರಕಾಶಕರ ಪುಸ್ತಕಗಳನ್ನು ರಿಯಾಯಿತಿ ದರದಲ್ಲಿ ಮಾರಾಟಕ್ಕೆ ಇಡಲಾಗಿತ್ತು. ಭಾವ ಸಂಗಮ ಸಾಹಿತ್ಯ ವೇದಿಕೆ ವತಿಯಿಂದ ಕವಿಗೋಷ್ಠಿ ಆಯೋಜಿಸಲಾಗಿತ್ತು. ಯುವ ಕವಿಗಳು ಸ್ವರಚಿತ ಕವನ ವಾಚಿಸಿದರು. ಗಣ್ಯರನ್ನು ಸನ್ಮಾನಿಸಲಾಯಿತು. ಚಿಕ್ಕ ವಯಸ್ಸಿನಲ್ಲೇ ಮಕ್ಕಳಲ್ಲಿ ಓದುವ ಹವ್ಯಾಸ ಬೆಳೆಸಲು ಪಾಲಕರು ಪ್ರೋತ್ಸಾಹಿಸಬೇಕು. ಇ-ಗ್ರಂಥಾಲಯ ಸೇವೆಯನ್ನು ಸಹ ಬಳಸಿಕೊಳ್ಳಬಹುದು ಎಂದರು.
ಜು.6ರಂದು ಕವಿಗೋಷ್ಠಿ
■ ಹಾವೇರಿ: ಜಿಲ್ಲಾ ಕನ್ನಡ ಸಾಹಿತ್ಯ ಪರಿಷತ್ ಹಾಗೂ ಭಾವ ಸಂಗಮ ಸಾಹಿತ್ಯ ವೇದಿಕೆ ಆಶ್ರಯದಲ್ಲಿ ಜುಲೈ 6ರಂದು ಬೆಳಿಗ್ಗೆ 10.30ಕ್ಕೆ ನಗರದ ಗುರುಭವನದಲ್ಲಿ ಕವಿಗೋಷ್ಠಿ ಆಯೋಜಿಸಲಾಗಿದೆ. ಕಾರ್ಯಕ್ರಮವನ್ನು ಹಿರಿಯ ಸಾಹಿತಿಗಳು ಉದ್ಘಾಟಿಸುವರು. ಕಸಾಪ ಜಿಲ್ಲಾಧ್ಯಕ್ಷರು ಅಧ್ಯಕ್ಷತೆ ವಹಿಸುವರು. ಜಿಲ್ಲೆಯ ವಿವಿಧ ತಾಲೂಕುಗಳ ಯುವ ಕವಿಗಳು, ಹಿರಿಯ ಕವಿಗಳು ಸ್ವರಚಿತ ಕವನ ವಾಚಿಸುವರು. ಆಸಕ್ತ ಕವಿಗಳು ಮುಂಚಿತವಾಗಿ ಹೆಸರು ನೋಂದಾಯಿಸಿಕೊಳ್ಳಬೇಕು. ಕಾರ್ಯಕ್ರಮದಲ್ಲಿ ಸಾಧಕರನ್ನು ಸನ್ಮಾನಿಸಲಾಗುವುದು. ಸಾಹಿತ್ಯಾಸಕ್ತರು, ಕನ್ನಡ ಅಭಿಮಾನಿಗಳು ಹೆಚ್ಚಿನ ಸಂಖ್ಯೆಯಲ್ಲಿ ಭಾಗವಹಿಸಿ ಯಶಸ್ವಿಗೊಳಿಸಬೇಕು ಎಂದು ಸಂಘಟಕರು ಪ್ರಕಟಣೆಯಲ್ಲಿ ಕೋರಿದ್ದಾರೆ. ನಗರದ ಜಿಲ್ಲಾ ಪತ್ರಿಕಾ ಭವನದಲ್ಲಿ ಸುದ್ದಿಗೋಷ್ಠಿ ನಡೆಸಿ ಮಾಹಿತಿ ನೀಡಿದ ಪದಾಧಿಕಾರಿಗಳು, ಕಾರ್ಯಕ್ರಮದಲ್ಲಿ ಜಿಲ್ಲೆಯ ಪ್ರಮುಖ ಸಾಹಿತಿಗಳು, ಚಿಂತಕರು ಉಪಸ್ಥಿತರಿರುವರು. ಕವಿಗೋಷ್ಠಿಯ ನಂತರ ವಿಚಾರ ಸಂಕಿರಣ ನಡೆಯಲಿದೆ. ಆಯ್ದ ಕವನಗಳನ್ನು ಸಂಕಲನ ರೂಪದಲ್ಲಿ ಪ್ರಕಟಿಸುವ ಯೋಜನೆ ಇದೆ ಎಂದರು.
ಕೈಗೆಟುಕುವ ದರದಲ್ಲಿ ಆರೋಗ್ಯ ಸೇವೆ: ಮೋಹನ್ ಶೆಟ್ಟಿ
■ ರಾಣೇಬೆನ್ನೂರು: ಗ್ರಾಮೀಣ ಪ್ರದೇಶದ ಜನರಿಗೆ ಕೈಗೆಟುಕುವ ದರದಲ್ಲಿ ಗುಣಮಟ್ಟದ ಆರೋಗ್ಯ ಸೇವೆ ಒದಗಿಸುವ ಉದ್ದೇಶದಿಂದ ಆರೋಗ್ಯ ರಕ್ಷಾ ಯೋಜನೆ ಜಾರಿಗೊಳಿಸಲಾಗಿದೆ ಎಂದು ಸಂಸ್ಥೆಯ ಅಧ್ಯಕ್ಷ ಮೋಹನ್ ಶೆಟ್ಟಿ ಹೇಳಿದರು. ನಗರದ ಖಾಸಗಿ ಸಭಾಭವನದಲ್ಲಿ ಆಯೋಜಿಸಿದ್ದ ಆರೋಗ್ಯ ಕಾರ್ಡ್ ವಿತರಣಾ ಕಾರ್ಯಕ್ರಮದಲ್ಲಿ ಮಾತನಾಡಿದ ಅವರು, 2025ರ ಯೋಜನೆಯಡಿ ಸದಸ್ಯರಿಗೆ ವಿವಿಧ ಆಸ್ಪತ್ರೆಗಳಲ್ಲಿ ರಿಯಾಯಿತಿ ದರದಲ್ಲಿ ಚಿಕಿತ್ಸೆ ದೊರೆಯಲಿದೆ. 25 ವರ್ಷಗಳಿಂದ ಸಂಸ್ಥೆ ಸೇವೆ ಸಲ್ಲಿಸುತ್ತಿದ್ದು, 2000ಕ್ಕೂ ಹೆಚ್ಚು ಕುಟುಂಬಗಳು ಯೋಜನೆಯ ಲಾಭ ಪಡೆದಿವೆ. ವಾರ್ಷಿಕ ಕೇವಲ ರೂ.350 ಪಾವತಿಸಿ ಸದಸ್ಯರಾಗಬಹುದು. ಯೋಜನೆಯಡಿ 1.25 ಲಕ್ಷ ರೂ.ವರೆಗೆ ಚಿಕಿತ್ಸಾ ವೆಚ್ಚ ಭರಿಸಲಾಗುವುದು. ರೂ.700 ಮತ್ತು ರೂ.950 ಸೇರಿದಂತೆ ವಿವಿಧ ಪ್ಯಾಕೇಜ್‌ಗಳು ಲಭ್ಯವಿವೆ. 4 ವರ್ಷದೊಳಗಿನ ಮಕ್ಕಳಿಗೆ ಉಚಿತ ಸದಸ್ಯತ್ವ ನೀಡಲಾಗುತ್ತಿದೆ. ರೂ.600 ಪಾವತಿಸಿದರೆ ಕುಟುಂಬದ ಎಲ್ಲರಿಗೂ ಸೌಲಭ್ಯ ಸಿಗಲಿದೆ. ರೂ.1100 ಪ್ಯಾಕೇಜ್‌ನಲ್ಲಿ ಹೆಚ್ಚುವರಿ ಸೌಲಭ್ಯಗಳಿವೆ ಎಂದರು. ಕಾರ್ಯಕ್ರಮದಲ್ಲಿ ವೈದ್ಯರು, ಸಂಸ್ಥೆಯ ಪದಾಧಿಕಾರಿಗಳು ಹಾಗೂ ಸದಸ್ಯರು ಉಪಸ್ಥಿತರಿದ್ದರು. ಫಲಾನುಭವಿಗಳಿಗೆ ಆರೋಗ್ಯ ಕಾರ್ಡ್ ವಿತರಿಸಲಾಯಿತು. ಗ್ರಾಮೀಣ ಭಾಗದ ಜನರು ಯೋಜನೆಯ ಸದುಪಯೋಗ ಪಡೆದುಕೊಳ್ಳಬೇಕು ಎಂದು ಮನವಿ ಮಾಡಿದರು.
25
ಗ್ರಾಮೀಣ ಪ್ರದೇಶದ ಜನರಿಗೆ ಕೈಗೆಟುಕುವ ದರದಲ್ಲಿ ಗುಣಮಟ್ಟದ ಆರೋಗ್ಯ ಸೇವೆ ಒದಗಿಸುವ ಉದ್ದೇಶದಿಂದ ಆರೋಗ್ಯ ರಕ್ಷಾ ಯೋಜನೆ ಜಾರಿಗೊಳಿಸಲಾಗಿದೆ ಎಂದು ಸಂಸ್ಥೆಯ ಅಧ್ಯಕ್ಷ ಮೋಹನ್ ಶೆಟ್ಟಿ ಹೇಳಿದರು. ನಗರದ ಖಾಸಗಿ ಸಭಾಭವನದಲ್ಲಿ ಆಯೋಜಿಸಿದ್ದ ಆರೋಗ್ಯ ಕಾರ್ಡ್ ವಿತರಣಾ ಕಾರ್ಯಕ್ರಮದಲ್ಲಿ ಮಾತನಾಡಿದ ಅವರು, 2025ರ ಯೋಜನೆಯಡಿ ಸದಸ್ಯರಿಗೆ ವಿವಿಧ ಆಸ್ಪತ್ರೆಗಳಲ್ಲಿ ರಿಯಾಯಿತಿ ದರದಲ್ಲಿ ಚಿಕಿತ್ಸೆ ದೊರೆಯಲಿದೆ. 25 ವರ್ಷಗಳಿಂದ ಸಂಸ್ಥೆ ಸೇವೆ ಸಲ್ಲಿಸುತ್ತಿದ್ದು, 2000ಕ್ಕೂ ಹೆಚ್ಚು ಕುಟುಂಬಗಳು ಯೋಜನೆಯ ಲಾಭ ಪಡೆದಿವೆ. ವಾರ್ಷಿಕ ಕೇವಲ ರೂ.350 ಪಾವತಿಸಿ ಸದಸ್ಯರಾಗಬಹುದು. ಯೋಜನೆಯಡಿ 1.25 ಲಕ್ಷ ರೂ.ವರೆಗೆ ಚಿಕಿತ್ಸಾ ವೆಚ್ಚ ಭರಿಸಲಾಗುವುದು. ರೂ.700 ಮತ್ತು ರೂ.950 ಸೇರಿದಂತೆ ವಿವಿಧ ಪ್ಯಾಕೇಜ್‌ಗಳು ಲಭ್ಯವಿವೆ. 4 ವರ್ಷದೊಳಗಿನ ಮಕ್ಕಳಿಗೆ ಉಚಿತ ಸದಸ್ಯತ್ವ ನೀಡಲಾಗುತ್ತಿದೆ. ರೂ.600 ಪಾವತಿಸಿದರೆ ಕುಟುಂಬದ ಎಲ್ಲರಿಗೂ ಸೌಲಭ್ಯ ಸಿಗಲಿದೆ. ರೂ.1100 ಪ್ಯಾಕೇಜ್‌ನಲ್ಲಿ ಹೆಚ್ಚುವರಿ ಸೌಲಭ್ಯಗಳಿವೆ ಎಂದರು. ಕಾರ್ಯಕ್ರಮದಲ್ಲಿ ವೈದ್ಯರು, ಸಂಸ್ಥೆಯ ಪದಾಧಿಕಾರಿಗಳು ಹಾಗೂ ಸದಸ್ಯರು ಉಪಸ್ಥಿತರಿದ್ದರು. ಫಲಾನುಭವಿಗಳಿಗೆ ಆರೋಗ್ಯ ಕಾರ್ಡ್ ವಿತರಿಸಲಾಯಿತು. ಗ್ರಾಮೀಣ ಭಾಗದ ಜನರು ಯೋಜನೆಯ ಸದುಪಯೋಗ ಪಡೆದುಕೊಳ್ಳಬೇಕು ಎಂದು ಮನವಿ ಮಾಡಿದರು.
